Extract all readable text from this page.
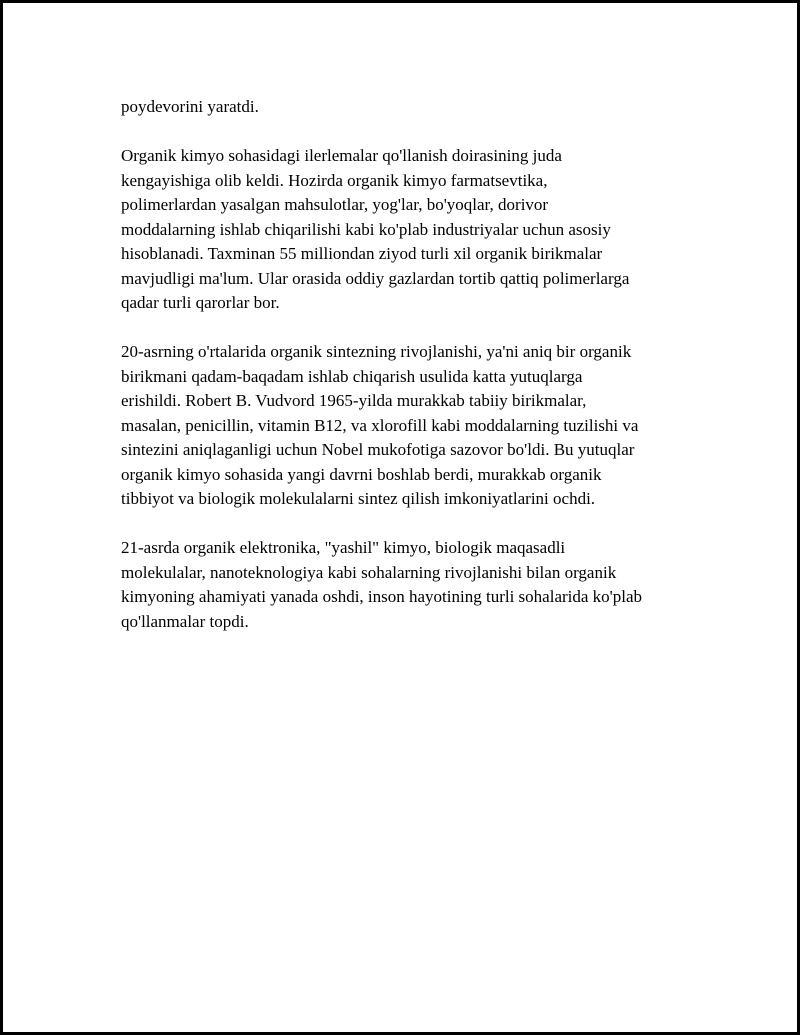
poydevorini yaratdi.

Organik kimyo sohasidagi ilerlemalar qo'llanish doirasining juda
kengayishiga olib keldi. Hozirda organik kimyo farmatsevtika,
polimerlardan yasalgan mahsulotlar, yog'lar, bo'yoqlar, dorivor
moddalarning ishlab chiqarilishi kabi ko'plab industriyalar uchun asosiy
hisoblanadi. Taxminan 55 milliondan ziyod turli xil organik birikmalar
mavjudligi ma'lum. Ular orasida oddiy gazlardan tortib qattiq polimerlarga
qadar turli qarorlar bor.

20-asrning o'rtalarida organik sintezning rivojlanishi, ya'ni aniq bir organik
birikmani qadam-baqadam ishlab chiqarish usulida katta yutuqlarga
erishildi. Robert B. Vudvord 1965-yilda murakkab tabiiy birikmalar,
masalan, penicillin, vitamin B12, va xlorofill kabi moddalarning tuzilishi va
sintezini aniqlaganligi uchun Nobel mukofotiga sazovor bo'ldi. Bu yutuqlar
organik kimyo sohasida yangi davrni boshlab berdi, murakkab organik
tibbiyot va biologik molekulalarni sintez qilish imkoniyatlarini ochdi.

21-asrda organik elektronika, "yashil" kimyo, biologik maqasadli
molekulalar, nanoteknologiya kabi sohalarning rivojlanishi bilan organik
kimyoning ahamiyati yanada oshdi, inson hayotining turli sohalarida ko'plab
qo'llanmalar topdi.
